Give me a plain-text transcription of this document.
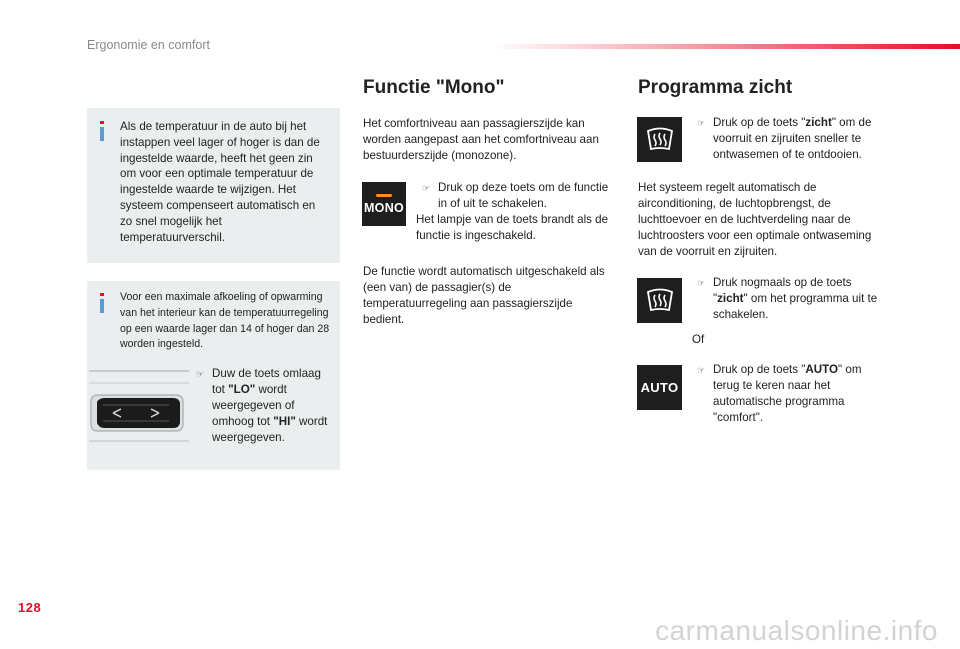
Ergonomie en comfort
Als de temperatuur in de auto bij het instappen veel lager of hoger is dan de ingestelde waarde, heeft het geen zin om voor een optimale temperatuur de ingestelde waarde te wijzigen. Het systeem compenseert automatisch en zo snel mogelijk het temperatuurverschil.
Voor een maximale afkoeling of opwarming van het interieur kan de temperatuurregeling op een waarde lager dan 14 of hoger dan 28 worden ingesteld.
☞ Duw de toets omlaag tot "LO" wordt weergegeven of omhoog tot "HI" wordt weergegeven.
Functie "Mono"
Het comfortniveau aan passagierszijde kan worden aangepast aan het comfortniveau aan bestuurderszijde (monozone).
MONO
☞ Druk op deze toets om de functie in of uit te schakelen.
Het lampje van de toets brandt als de functie is ingeschakeld.
De functie wordt automatisch uitgeschakeld als (een van) de passagier(s) de temperatuurregeling aan passagierszijde bedient.
Programma zicht
☞ Druk op de toets "zicht" om de voorruit en zijruiten sneller te ontwasemen of te ontdooien.
Het systeem regelt automatisch de airconditioning, de luchtopbrengst, de luchttoevoer en de luchtverdeling naar de luchtroosters voor een optimale ontwaseming van de voorruit en zijruiten.
☞ Druk nogmaals op de toets "zicht" om het programma uit te schakelen.
Of
AUTO
☞ Druk op de toets "AUTO" om terug te keren naar het automatische programma "comfort".
128
carmanualsonline.info
